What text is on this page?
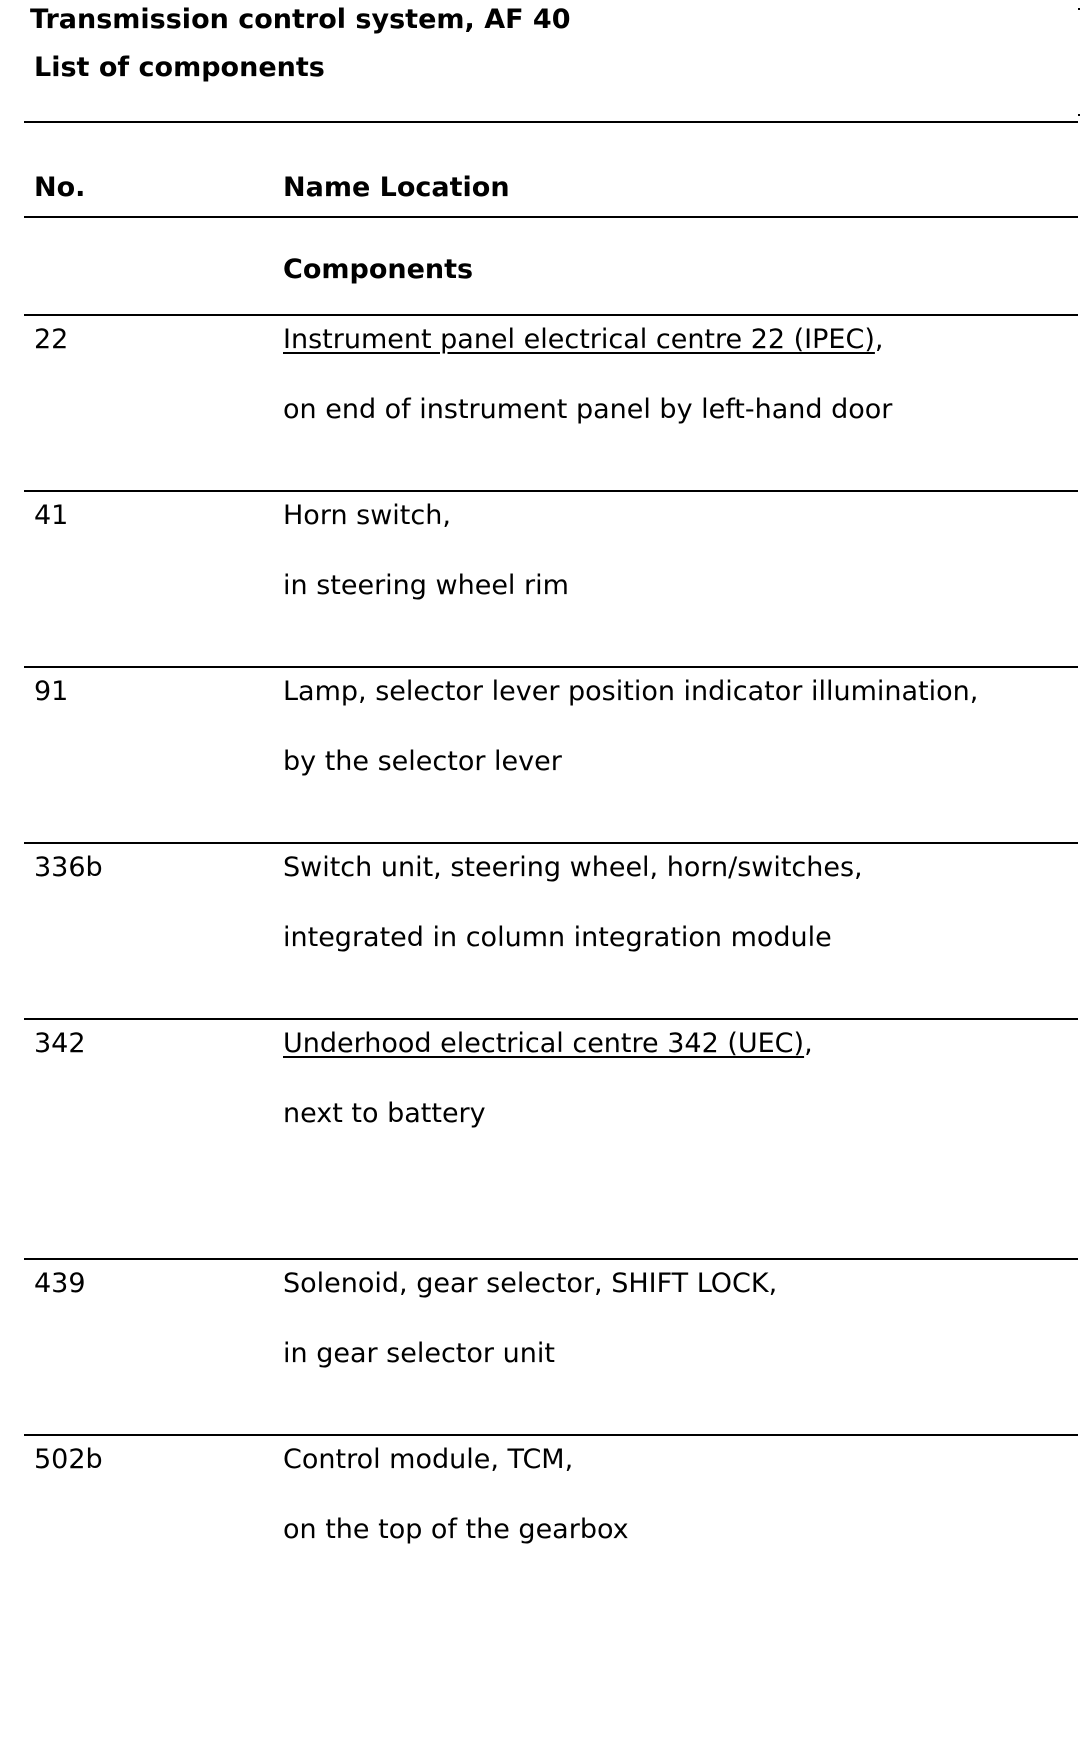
Transmission control system, AF 40
List of components
No.	Name Location
Components
22	Instrument panel electrical centre 22 (IPEC),
on end of instrument panel by left-hand door
41	Horn switch,
in steering wheel rim
91	Lamp, selector lever position indicator illumination,
by the selector lever
336b	Switch unit, steering wheel, horn/switches,
integrated in column integration module
342	Underhood electrical centre 342 (UEC),
next to battery
439	Solenoid, gear selector, SHIFT LOCK,
in gear selector unit
502b	Control module, TCM,
on the top of the gearbox
